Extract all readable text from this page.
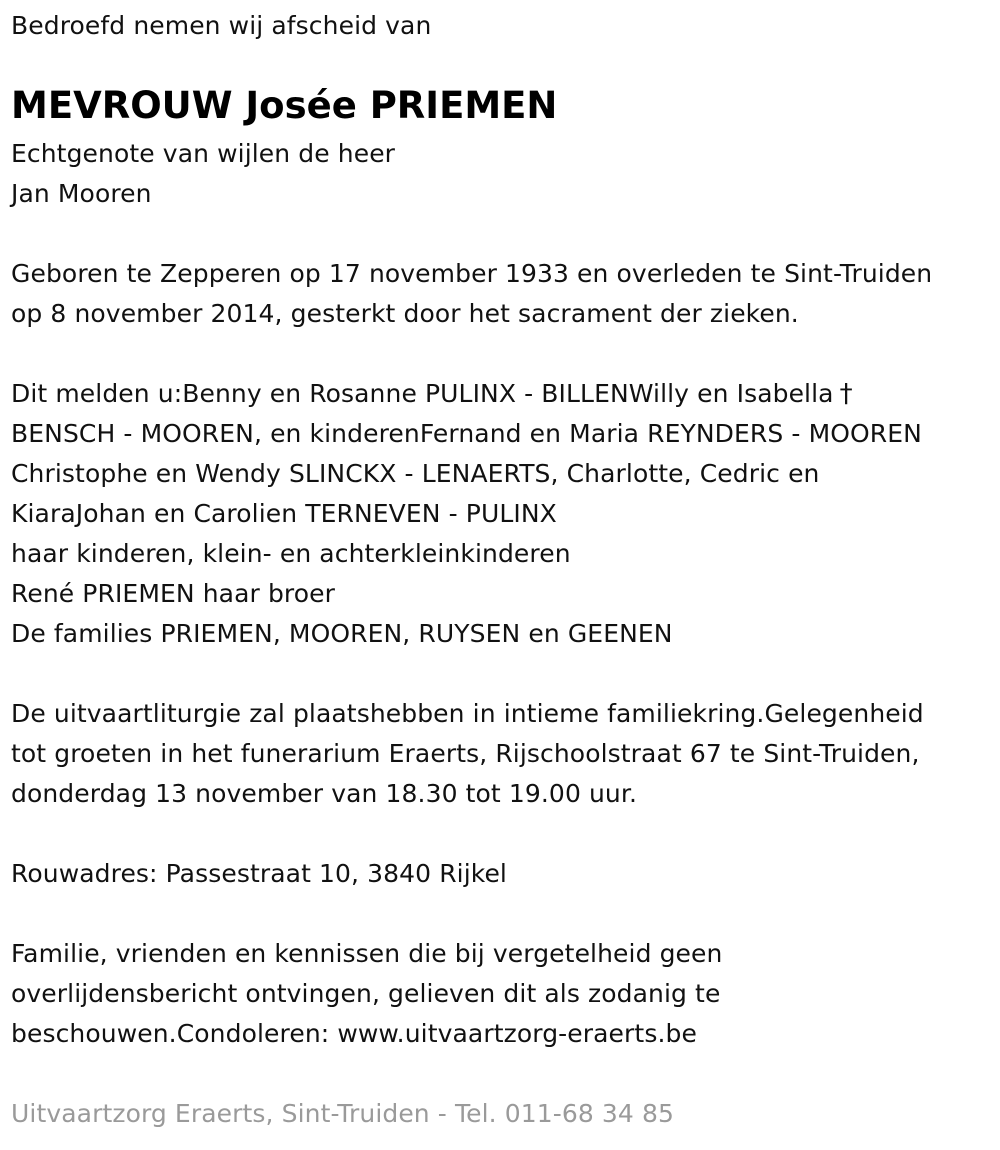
Bedroefd nemen wij afscheid van
MEVROUW Josée PRIEMEN
Echtgenote van wijlen de heer
Jan Mooren
Geboren te Zepperen op 17 november 1933 en overleden te Sint-Truiden
op 8 november 2014, gesterkt door het sacrament der zieken.
Dit melden u:Benny en Rosanne PULINX - BILLENWilly en Isabella †
BENSCH - MOOREN, en kinderenFernand en Maria REYNDERS - MOOREN
Christophe en Wendy SLINCKX - LENAERTS, Charlotte, Cedric en
KiaraJohan en Carolien TERNEVEN - PULINX
haar kinderen, klein- en achterkleinkinderen
René PRIEMEN haar broer
De families PRIEMEN, MOOREN, RUYSEN en GEENEN
De uitvaartliturgie zal plaatshebben in intieme familiekring.Gelegenheid
tot groeten in het funerarium Eraerts, Rijschoolstraat 67 te Sint-Truiden,
donderdag 13 november van 18.30 tot 19.00 uur.
Rouwadres: Passestraat 10, 3840 Rijkel
Familie, vrienden en kennissen die bij vergetelheid geen
overlijdensbericht ontvingen, gelieven dit als zodanig te
beschouwen.Condoleren: www.uitvaartzorg-eraerts.be
Uitvaartzorg Eraerts, Sint-Truiden - Tel. 011-68 34 85
